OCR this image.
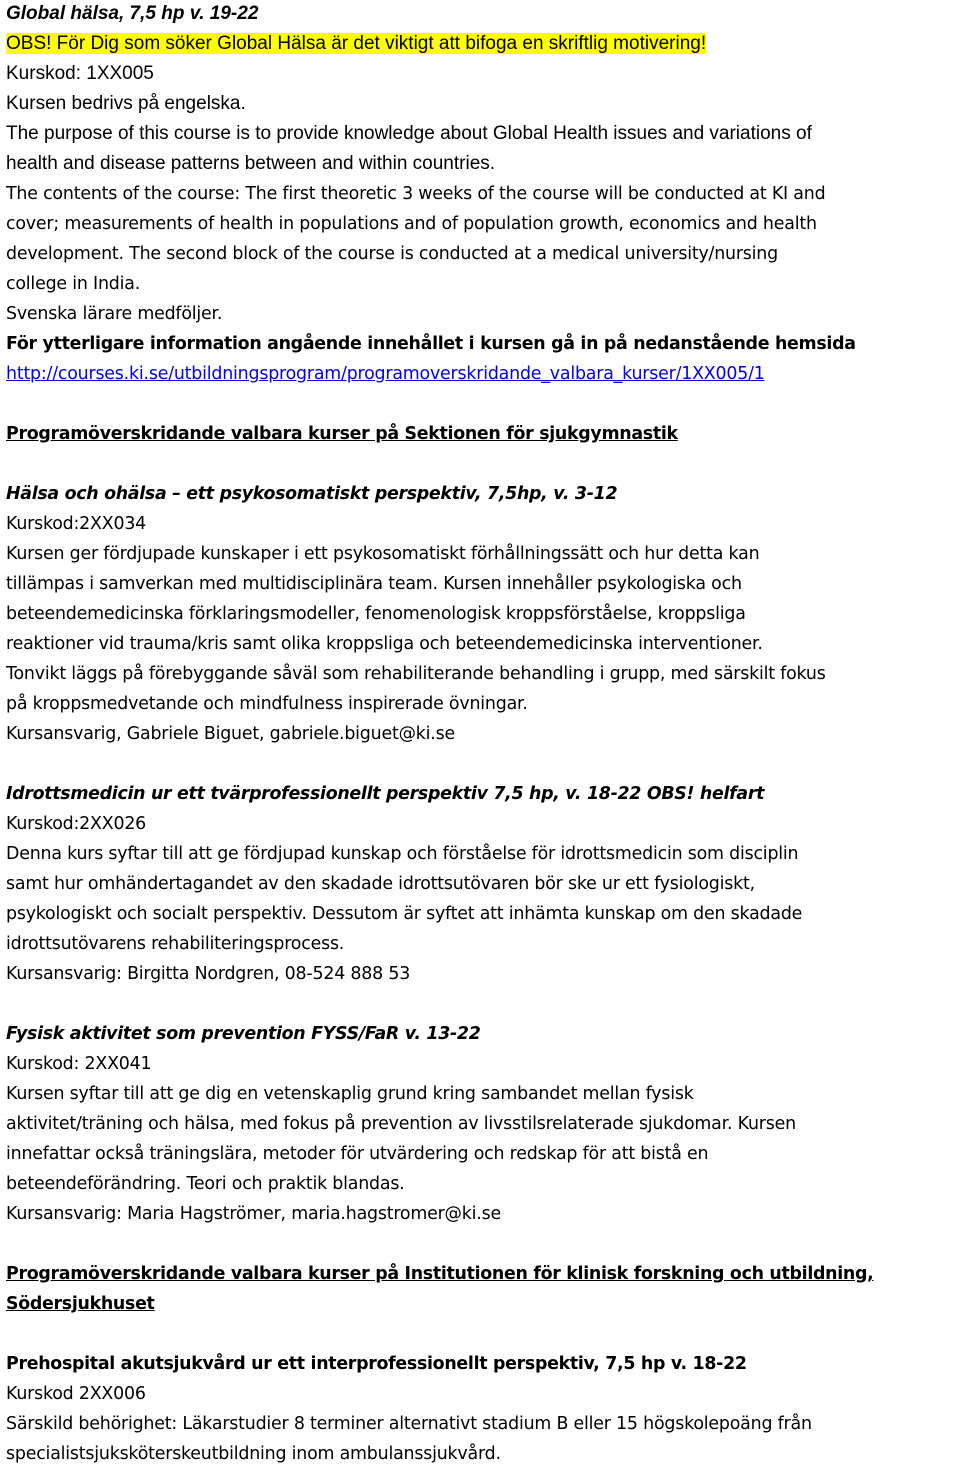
Global hälsa, 7,5 hp v. 19-22
OBS! För Dig som söker Global Hälsa är det viktigt att bifoga en skriftlig motivering!
Kurskod: 1XX005
Kursen bedrivs på engelska.
The purpose of this course is to provide knowledge about Global Health issues and variations of
health and disease patterns between and within countries.
The contents of the course: The first theoretic 3 weeks of the course will be conducted at KI and
cover; measurements of health in populations and of population growth, economics and health
development. The second block of the course is conducted at a medical university/nursing
college in India.
Svenska lärare medföljer.
För ytterligare information angående innehållet i kursen gå in på nedanstående hemsida
http://courses.ki.se/utbildningsprogram/programoverskridande_valbara_kurser/1XX005/1
Programöverskridande valbara kurser på Sektionen för sjukgymnastik
Hälsa och ohälsa – ett psykosomatiskt perspektiv, 7,5hp, v. 3-12
Kurskod:2XX034
Kursen ger fördjupade kunskaper i ett psykosomatiskt förhållningssätt och hur detta kan
tillämpas i samverkan med multidisciplinära team. Kursen innehåller psykologiska och
beteendemedicinska förklaringsmodeller, fenomenologisk kroppsförståelse, kroppsliga
reaktioner vid trauma/kris samt olika kroppsliga och beteendemedicinska interventioner.
Tonvikt läggs på förebyggande såväl som rehabiliterande behandling i grupp, med särskilt fokus
på kroppsmedvetande och mindfulness inspirerade övningar.
Kursansvarig, Gabriele Biguet, gabriele.biguet@ki.se
Idrottsmedicin ur ett tvärprofessionellt perspektiv 7,5 hp, v. 18-22 OBS! helfart
Kurskod:2XX026
Denna kurs syftar till att ge fördjupad kunskap och förståelse för idrottsmedicin som disciplin
samt hur omhändertagandet av den skadade idrottsutövaren bör ske ur ett fysiologiskt,
psykologiskt och socialt perspektiv. Dessutom är syftet att inhämta kunskap om den skadade
idrottsutövarens rehabiliteringsprocess.
Kursansvarig: Birgitta Nordgren, 08-524 888 53
Fysisk aktivitet som prevention FYSS/FaR v. 13-22
Kurskod: 2XX041
Kursen syftar till att ge dig en vetenskaplig grund kring sambandet mellan fysisk
aktivitet/träning och hälsa, med fokus på prevention av livsstilsrelaterade sjukdomar. Kursen
innefattar också träningslära, metoder för utvärdering och redskap för att bistå en
beteendeförändring. Teori och praktik blandas.
Kursansvarig: Maria Hagströmer, maria.hagstromer@ki.se
Programöverskridande valbara kurser på Institutionen för klinisk forskning och utbildning,
Södersjukhuset
Prehospital akutsjukvård ur ett interprofessionellt perspektiv, 7,5 hp v. 18-22
Kurskod 2XX006
Särskild behörighet: Läkarstudier 8 terminer alternativt stadium B eller 15 högskolepoäng från
specialistsjuksköterskeutbildning inom ambulanssjukvård.
